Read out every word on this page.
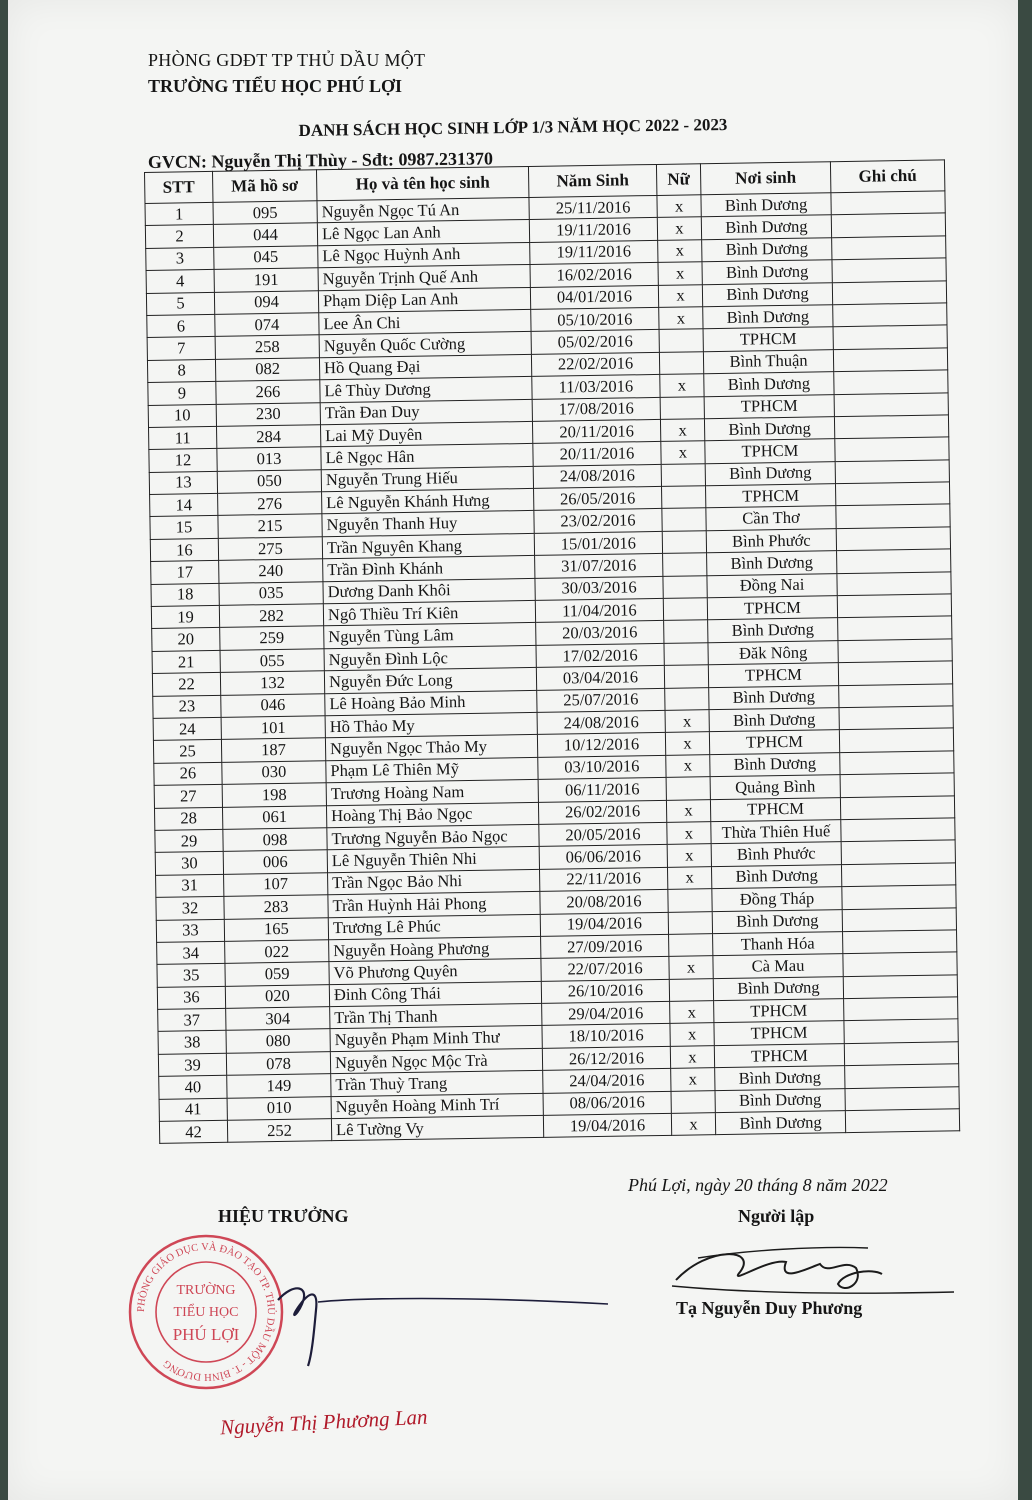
PHÒNG GDĐT TP THỦ DẦU MỘT
TRƯỜNG TIỂU HỌC PHÚ LỢI
DANH SÁCH HỌC SINH LỚP 1/3 NĂM HỌC 2022 - 2023
GVCN: Nguyễn Thị Thùy - Sđt: 0987.231370
STT	Mã hồ sơ	Họ và tên học sinh	Năm Sinh	Nữ	Nơi sinh	Ghi chú
1	095	Nguyễn Ngọc Tú An	25/11/2016	x	Bình Dương	
2	044	Lê Ngọc Lan Anh	19/11/2016	x	Bình Dương	
3	045	Lê Ngọc Huỳnh Anh	19/11/2016	x	Bình Dương	
4	191	Nguyễn Trịnh Quế Anh	16/02/2016	x	Bình Dương	
5	094	Phạm Diệp Lan Anh	04/01/2016	x	Bình Dương	
6	074	Lee Ân Chi	05/10/2016	x	Bình Dương	
7	258	Nguyễn Quốc Cường	05/02/2016		TPHCM	
8	082	Hồ Quang Đại	22/02/2016		Bình Thuận	
9	266	Lê Thùy Dương	11/03/2016	x	Bình Dương	
10	230	Trần Đan Duy	17/08/2016		TPHCM	
11	284	Lai Mỹ Duyên	20/11/2016	x	Bình Dương	
12	013	Lê Ngọc Hân	20/11/2016	x	TPHCM	
13	050	Nguyễn Trung Hiếu	24/08/2016		Bình Dương	
14	276	Lê Nguyễn Khánh Hưng	26/05/2016		TPHCM	
15	215	Nguyễn Thanh Huy	23/02/2016		Cần Thơ	
16	275	Trần Nguyên Khang	15/01/2016		Bình Phước	
17	240	Trần Đình Khánh	31/07/2016		Bình Dương	
18	035	Dương Danh Khôi	30/03/2016		Đồng Nai	
19	282	Ngô Thiều Trí Kiên	11/04/2016		TPHCM	
20	259	Nguyễn Tùng Lâm	20/03/2016		Bình Dương	
21	055	Nguyễn Đình Lộc	17/02/2016		Đăk Nông	
22	132	Nguyễn Đức Long	03/04/2016		TPHCM	
23	046	Lê Hoàng Bảo Minh	25/07/2016		Bình Dương	
24	101	Hồ Thảo My	24/08/2016	x	Bình Dương	
25	187	Nguyễn Ngọc Thảo My	10/12/2016	x	TPHCM	
26	030	Phạm Lê Thiên Mỹ	03/10/2016	x	Bình Dương	
27	198	Trương Hoàng Nam	06/11/2016		Quảng Bình	
28	061	Hoàng Thị Bảo Ngọc	26/02/2016	x	TPHCM	
29	098	Trương Nguyễn Bảo Ngọc	20/05/2016	x	Thừa Thiên Huế	
30	006	Lê Nguyễn Thiên Nhi	06/06/2016	x	Bình Phước	
31	107	Trần Ngọc Bảo Nhi	22/11/2016	x	Bình Dương	
32	283	Trần Huỳnh Hải Phong	20/08/2016		Đồng Tháp	
33	165	Trương Lê Phúc	19/04/2016		Bình Dương	
34	022	Nguyễn Hoàng Phương	27/09/2016		Thanh Hóa	
35	059	Võ Phương Quyên	22/07/2016	x	Cà Mau	
36	020	Đinh Công Thái	26/10/2016		Bình Dương	
37	304	Trần Thị Thanh	29/04/2016	x	TPHCM	
38	080	Nguyễn Phạm Minh Thư	18/10/2016	x	TPHCM	
39	078	Nguyễn Ngọc Mộc Trà	26/12/2016	x	TPHCM	
40	149	Trần Thuỳ Trang	24/04/2016	x	Bình Dương	
41	010	Nguyễn Hoàng Minh Trí	08/06/2016		Bình Dương	
42	252	Lê Tường Vy	19/04/2016	x	Bình Dương	
Phú Lợi, ngày 20 tháng 8 năm 2022
HIỆU TRƯỞNG	Người lập
PHÒNG GIÁO DỤC VÀ ĐÀO TẠO TP. THỦ DẦU MỘT - T. BÌNH DƯƠNG
TRƯỜNG
TIỂU HỌC
PHÚ LỢI
Nguyễn Thị Phương Lan
Tạ Nguyễn Duy Phương
